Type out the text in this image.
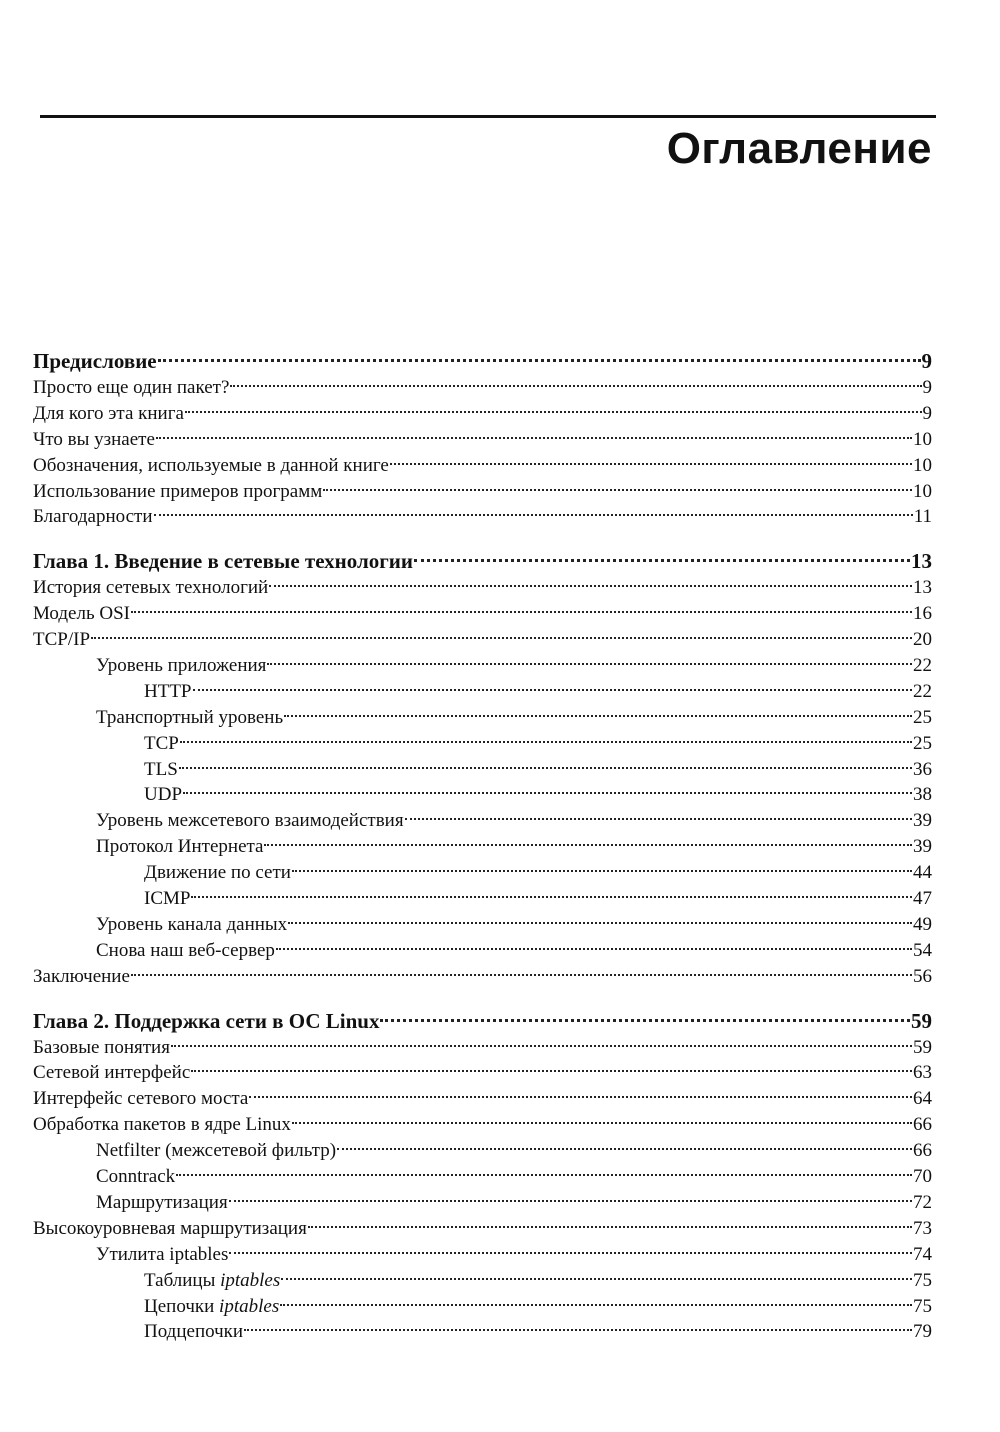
Оглавление
Предисловие	9
Просто еще один пакет?	9
Для кого эта книга	9
Что вы узнаете	10
Обозначения, используемые в данной книге	10
Использование примеров программ	10
Благодарности	11
Глава 1. Введение в сетевые технологии	13
История сетевых технологий	13
Модель OSI	16
TCP/IP	20
Уровень приложения	22
HTTP	22
Транспортный уровень	25
TCP	25
TLS	36
UDP	38
Уровень межсетевого взаимодействия	39
Протокол Интернета	39
Движение по сети	44
ICMP	47
Уровень канала данных	49
Снова наш веб-сервер	54
Заключение	56
Глава 2. Поддержка сети в ОС Linux	59
Базовые понятия	59
Сетевой интерфейс	63
Интерфейс сетевого моста	64
Обработка пакетов в ядре Linux	66
Netfilter (межсетевой фильтр)	66
Conntrack	70
Маршрутизация	72
Высокоуровневая маршрутизация	73
Утилита iptables	74
Таблицы iptables	75
Цепочки iptables	75
Подцепочки	79
